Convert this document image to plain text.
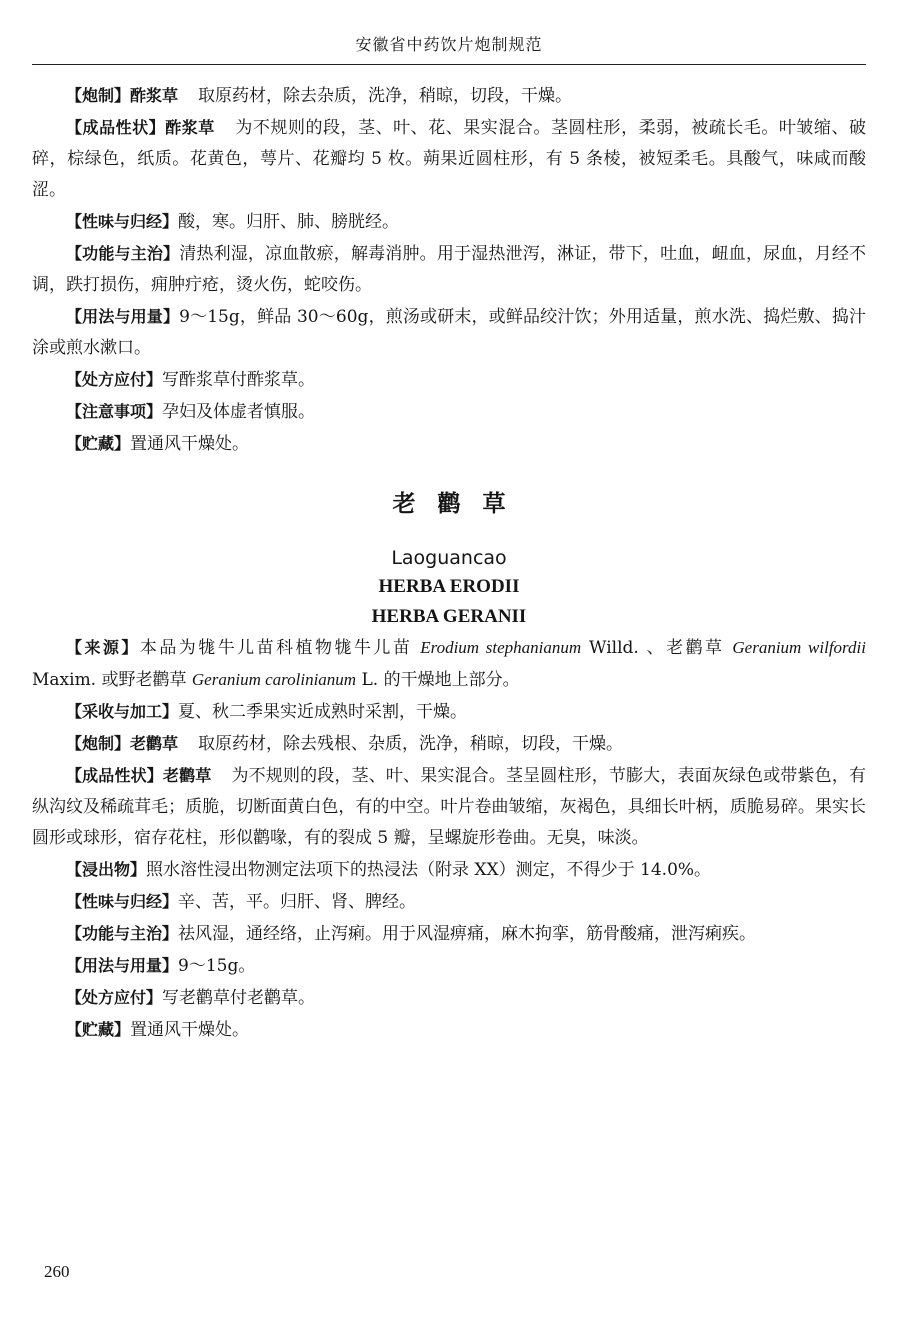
安徽省中药饮片炮制规范

【炮制】酢浆草 取原药材，除去杂质，洗净，稍晾，切段，干燥。

【成品性状】酢浆草 为不规则的段，茎、叶、花、果实混合。茎圆柱形，柔弱，被疏长毛。叶皱缩、破碎，棕绿色，纸质。花黄色，萼片、花瓣均 5 枚。蒴果近圆柱形，有 5 条棱，被短柔毛。具酸气，味咸而酸涩。

【性味与归经】酸，寒。归肝、肺、膀胱经。

【功能与主治】清热利湿，凉血散瘀，解毒消肿。用于湿热泄泻，淋证，带下，吐血，衄血，尿血，月经不调，跌打损伤，痈肿疔疮，烫火伤，蛇咬伤。

【用法与用量】9～15g，鲜品 30～60g，煎汤或研末，或鲜品绞汁饮；外用适量，煎水洗、捣烂敷、捣汁涂或煎水漱口。

【处方应付】写酢浆草付酢浆草。

【注意事项】孕妇及体虚者慎服。

【贮藏】置通风干燥处。

老鹳草
Laoguancao
HERBA ERODII
HERBA GERANII

【来源】本品为牻牛儿苗科植物牻牛儿苗 Erodium stephanianum Willd. 、老鹳草 Geranium wilfordii Maxim. 或野老鹳草 Geranium carolinianum L. 的干燥地上部分。

【采收与加工】夏、秋二季果实近成熟时采割，干燥。

【炮制】老鹳草 取原药材，除去残根、杂质，洗净，稍晾，切段，干燥。

【成品性状】老鹳草 为不规则的段，茎、叶、果实混合。茎呈圆柱形，节膨大，表面灰绿色或带紫色，有纵沟纹及稀疏茸毛；质脆，切断面黄白色，有的中空。叶片卷曲皱缩，灰褐色，具细长叶柄，质脆易碎。果实长圆形或球形，宿存花柱，形似鹳喙，有的裂成 5 瓣，呈螺旋形卷曲。无臭，味淡。

【浸出物】照水溶性浸出物测定法项下的热浸法（附录 XX）测定，不得少于 14.0%。

【性味与归经】辛、苦，平。归肝、肾、脾经。

【功能与主治】祛风湿，通经络，止泻痢。用于风湿痹痛，麻木拘挛，筋骨酸痛，泄泻痢疾。

【用法与用量】9～15g。

【处方应付】写老鹳草付老鹳草。

【贮藏】置通风干燥处。

260
